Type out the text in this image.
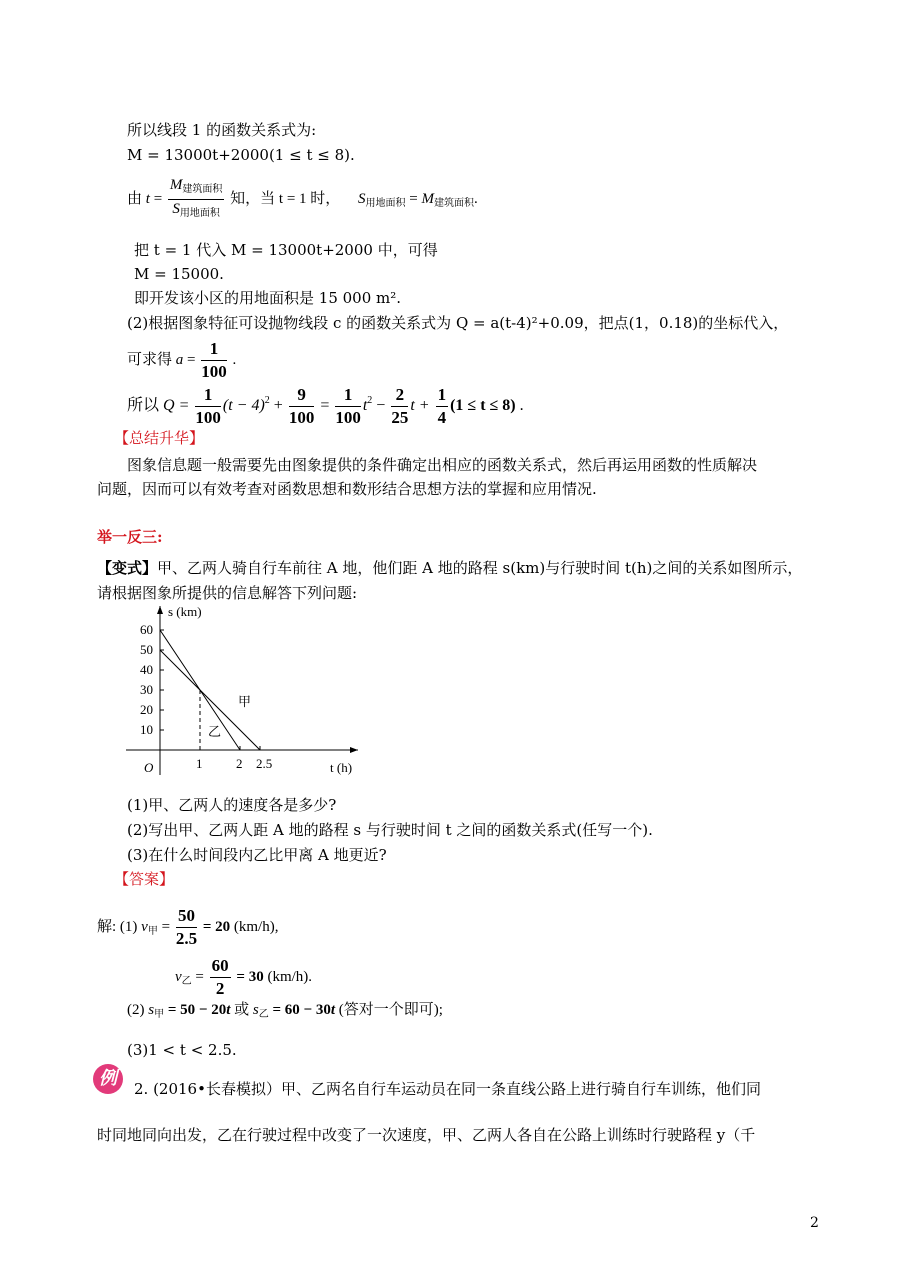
所以线段 1 的函数关系式为:
M = 13000t+2000(1 ≤ t ≤ 8).
由 $t = \frac{M_{建筑面积}}{S_{用地面积}}$ 知，当 t = 1 时， $S_{用地面积} = M_{建筑面积}$.
把 t = 1 代入 M = 13000t+2000 中，可得
M = 15000.
即开发该小区的用地面积是 15 000 m².
(2)根据图象特征可设抛物线段 c 的函数关系式为 Q = a(t-4)²+0.09，把点(1，0.18)的坐标代入，
可求得 $a = \frac{1}{100}$ .
所以 $Q = \frac{1}{100} (t - 4)^2 + \frac{9}{100} = \frac{1}{100} t^2 - \frac{2}{25}$ $t + \frac{1}{4} (1 \le t \le 8)$ .
【总结升华】
图象信息题一般需要先由图象提供的条件确定出相应的函数关系式，然后再运用函数的性质解决
问题，因而可以有效考查对函数思想和数形结合思想方法的掌握和应用情况.
举一反三:
【变式】甲、乙两人骑自行车前往 A 地，他们距 A 地的路程 s(km)与行驶时间 t(h)之间的关系如图所示，
请根据图象所提供的信息解答下列问题:
s (km)
t (h)
O
10
20
30
40
50
60
1	2 2.5
甲
乙
(1)甲、乙两人的速度各是多少?
(2)写出甲、乙两人距 A 地的路程 s 与行驶时间 t 之间的函数关系式(任写一个).
(3)在什么时间段内乙比甲离 A 地更近?
【答案】
解: (1) $v_甲 = \frac{50}{2.5} = 20$ (km/h),
$v_乙 = \frac{60}{2} = 30$ (km/h).
(2) $s_甲 = 50 - 20t$ 或 $s_乙 = 60 - 30t$ (答对一个即可);
(3)1 < t < 2.5.
例	2. (2016•长春模拟）甲、乙两名自行车运动员在同一条直线公路上进行骑自行车训练，他们同
时同地同向出发，乙在行驶过程中改变了一次速度，甲、乙两人各自在公路上训练时行驶路程 y（千
2
